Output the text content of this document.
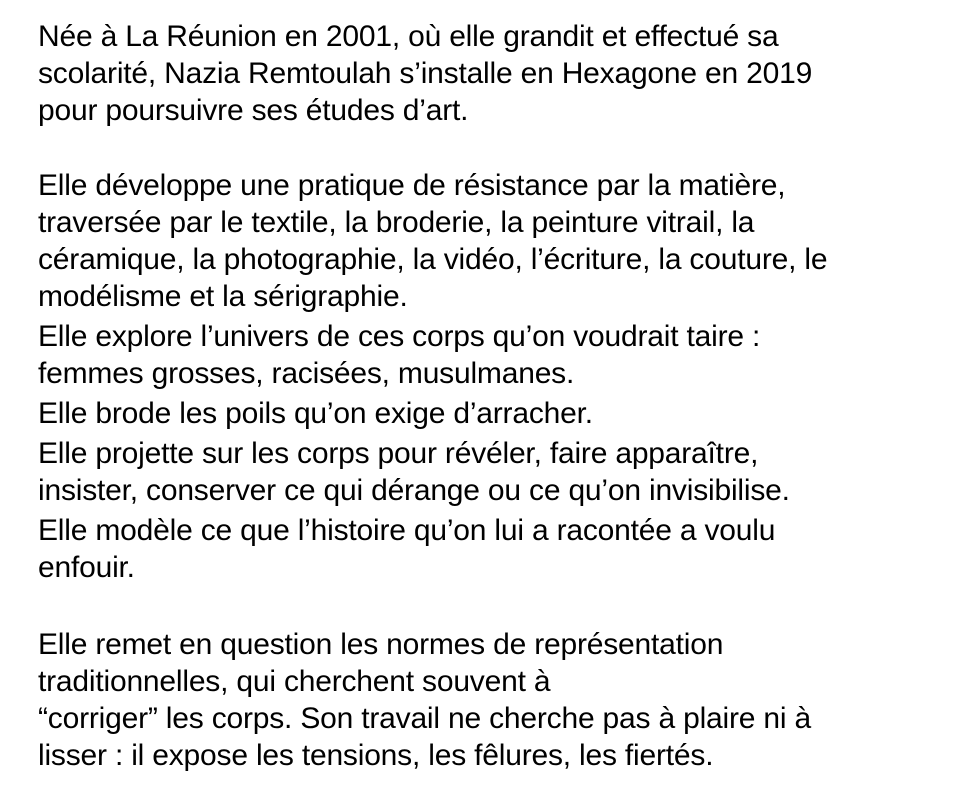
Née à La Réunion en 2001, où elle grandit et effectué sa
scolarité, Nazia Remtoulah s’installe en Hexagone en 2019
pour poursuivre ses études d’art.
Elle développe une pratique de résistance par la matière,
traversée par le textile, la broderie, la peinture vitrail, la
céramique, la photographie, la vidéo, l’écriture, la couture, le
modélisme et la sérigraphie.
Elle explore l’univers de ces corps qu’on voudrait taire :
femmes grosses, racisées, musulmanes.
Elle brode les poils qu’on exige d’arracher.
Elle projette sur les corps pour révéler, faire apparaître,
insister, conserver ce qui dérange ou ce qu’on invisibilise.
Elle modèle ce que l’histoire qu’on lui a racontée a voulu
enfouir.
Elle remet en question les normes de représentation
traditionnelles, qui cherchent souvent à
“corriger” les corps. Son travail ne cherche pas à plaire ni à
lisser : il expose les tensions, les fêlures, les fiertés.
